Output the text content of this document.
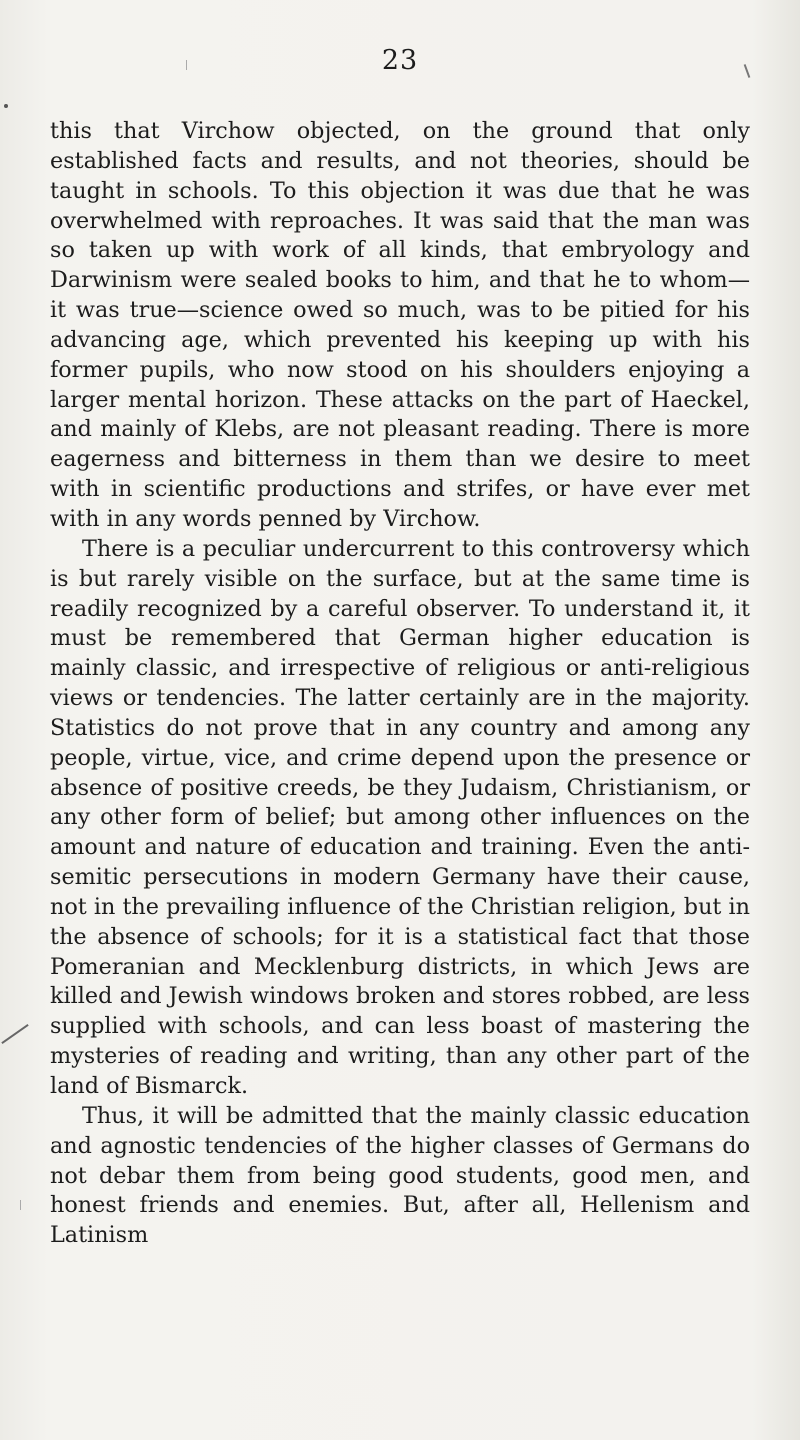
23

this that Virchow objected, on the ground that only established facts and results, and not theories, should be taught in schools. To this objection it was due that he was overwhelmed with reproaches. It was said that the man was so taken up with work of all kinds, that embryology and Darwinism were sealed books to him, and that he to whom—it was true—science owed so much, was to be pitied for his advancing age, which prevented his keeping up with his former pupils, who now stood on his shoulders enjoying a larger mental horizon. These attacks on the part of Haeckel, and mainly of Klebs, are not pleasant reading. There is more eagerness and bitterness in them than we desire to meet with in scientific productions and strifes, or have ever met with in any words penned by Virchow.

There is a peculiar undercurrent to this controversy which is but rarely visible on the surface, but at the same time is readily recognized by a careful observer. To understand it, it must be remembered that German higher education is mainly classic, and irrespective of religious or anti-religious views or tendencies. The latter certainly are in the majority. Statistics do not prove that in any country and among any people, virtue, vice, and crime depend upon the presence or absence of positive creeds, be they Judaism, Christianism, or any other form of belief; but among other influences on the amount and nature of education and training. Even the anti-semitic persecutions in modern Germany have their cause, not in the prevailing influence of the Christian religion, but in the absence of schools; for it is a statistical fact that those Pomeranian and Mecklenburg districts, in which Jews are killed and Jewish windows broken and stores robbed, are less supplied with schools, and can less boast of mastering the mysteries of reading and writing, than any other part of the land of Bismarck.

Thus, it will be admitted that the mainly classic education and agnostic tendencies of the higher classes of Germans do not debar them from being good students, good men, and honest friends and enemies. But, after all, Hellenism and Latinism
